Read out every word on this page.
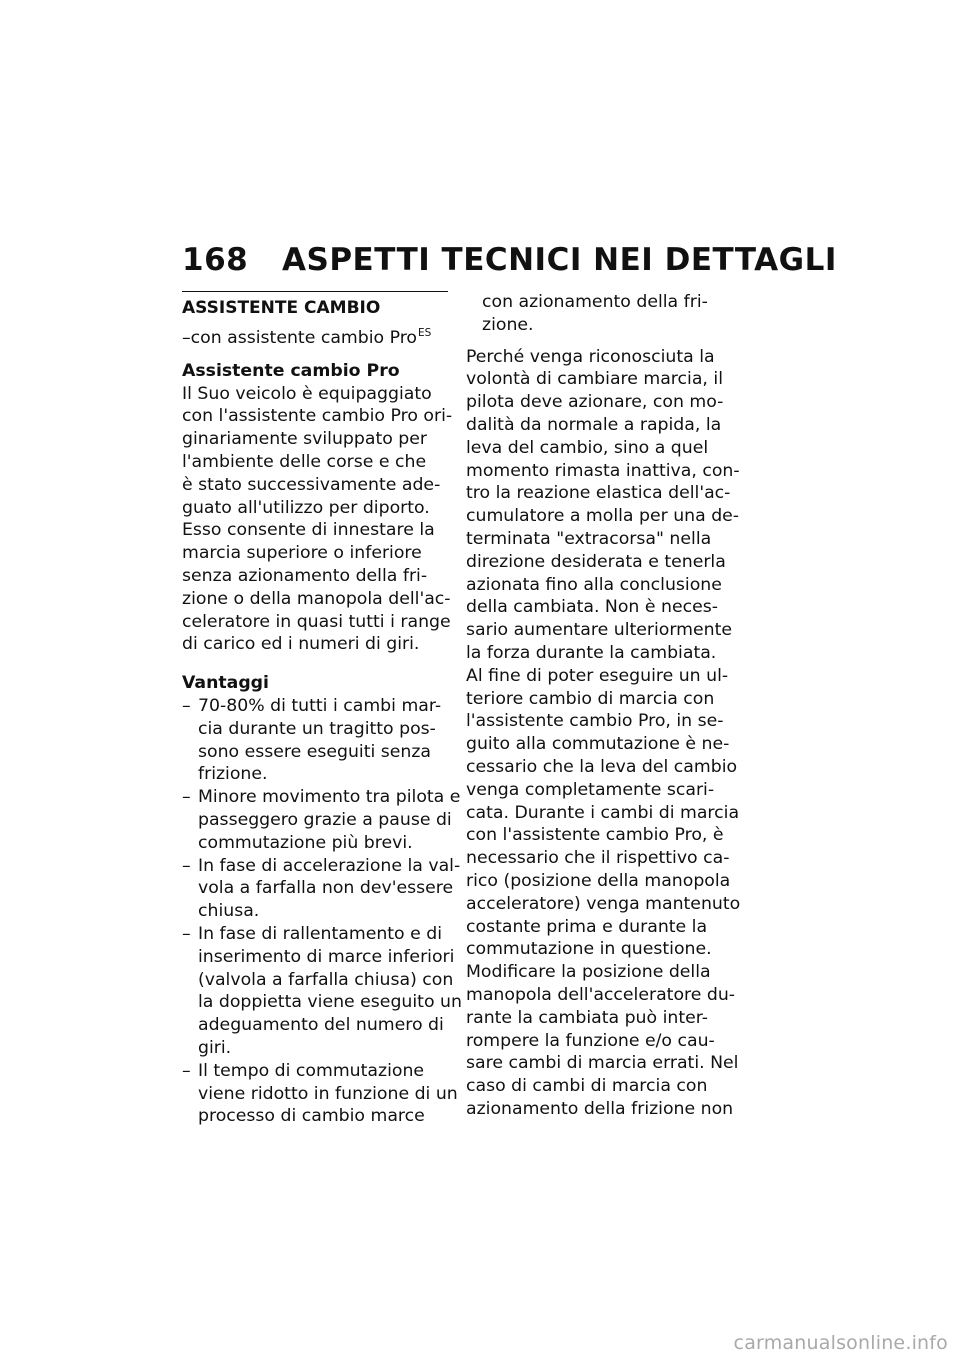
168 ASPETTI TECNICI NEI DETTAGLI
ASSISTENTE CAMBIO
–con assistente cambio Pro$^{ES}$
Assistente cambio Pro
Il Suo veicolo è equipaggiato
con l'assistente cambio Pro ori-
ginariamente sviluppato per
l'ambiente delle corse e che
è stato successivamente ade-
guato all'utilizzo per diporto.
Esso consente di innestare la
marcia superiore o inferiore
senza azionamento della fri-
zione o della manopola dell'ac-
celeratore in quasi tutti i range
di carico ed i numeri di giri.
Vantaggi
– 70-80% di tutti i cambi mar-
cia durante un tragitto pos-
sono essere eseguiti senza
frizione.
– Minore movimento tra pilota e
passeggero grazie a pause di
commutazione più brevi.
– In fase di accelerazione la val-
vola a farfalla non dev'essere
chiusa.
– In fase di rallentamento e di
inserimento di marce inferiori
(valvola a farfalla chiusa) con
la doppietta viene eseguito un
adeguamento del numero di
giri.
– Il tempo di commutazione
viene ridotto in funzione di un
processo di cambio marce
con azionamento della fri-
zione.
Perché venga riconosciuta la
volontà di cambiare marcia, il
pilota deve azionare, con mo-
dalità da normale a rapida, la
leva del cambio, sino a quel
momento rimasta inattiva, con-
tro la reazione elastica dell'ac-
cumulatore a molla per una de-
terminata "extracorsa" nella
direzione desiderata e tenerla
azionata fino alla conclusione
della cambiata. Non è neces-
sario aumentare ulteriormente
la forza durante la cambiata.
Al fine di poter eseguire un ul-
teriore cambio di marcia con
l'assistente cambio Pro, in se-
guito alla commutazione è ne-
cessario che la leva del cambio
venga completamente scari-
cata. Durante i cambi di marcia
con l'assistente cambio Pro, è
necessario che il rispettivo ca-
rico (posizione della manopola
acceleratore) venga mantenuto
costante prima e durante la
commutazione in questione.
Modificare la posizione della
manopola dell'acceleratore du-
rante la cambiata può inter-
rompere la funzione e/o cau-
sare cambi di marcia errati. Nel
caso di cambi di marcia con
azionamento della frizione non
carmanualsonline.info
